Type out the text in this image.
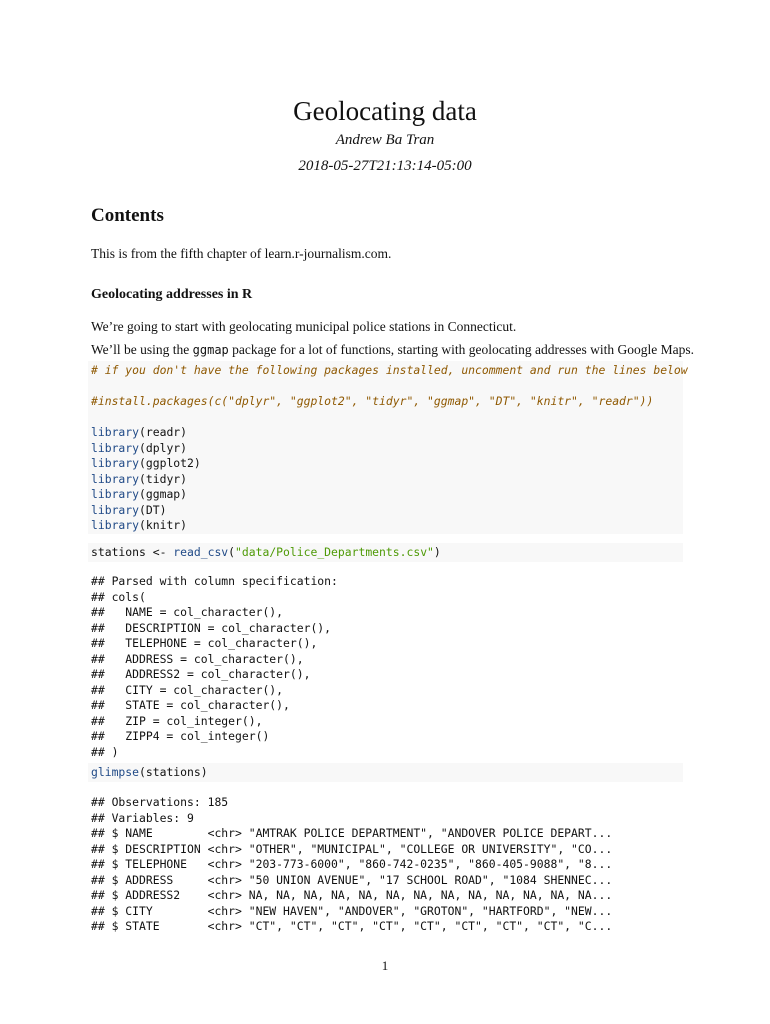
Geolocating data
Andrew Ba Tran
2018-05-27T21:13:14-05:00
Contents
This is from the fifth chapter of learn.r-journalism.com.
Geolocating addresses in R
We’re going to start with geolocating municipal police stations in Connecticut.
We’ll be using the ggmap package for a lot of functions, starting with geolocating addresses with Google Maps.
# if you don't have the following packages installed, uncomment and run the lines below
#install.packages(c("dplyr", "ggplot2", "tidyr", "ggmap", "DT", "knitr", "readr"))
library(readr)
library(dplyr)
library(ggplot2)
library(tidyr)
library(ggmap)
library(DT)
library(knitr)
stations <- read_csv("data/Police_Departments.csv")
## Parsed with column specification:
## cols(
##   NAME = col_character(),
##   DESCRIPTION = col_character(),
##   TELEPHONE = col_character(),
##   ADDRESS = col_character(),
##   ADDRESS2 = col_character(),
##   CITY = col_character(),
##   STATE = col_character(),
##   ZIP = col_integer(),
##   ZIPP4 = col_integer()
## )
glimpse(stations)
## Observations: 185
## Variables: 9
## $ NAME        <chr> "AMTRAK POLICE DEPARTMENT", "ANDOVER POLICE DEPART...
## $ DESCRIPTION <chr> "OTHER", "MUNICIPAL", "COLLEGE OR UNIVERSITY", "CO...
## $ TELEPHONE   <chr> "203-773-6000", "860-742-0235", "860-405-9088", "8...
## $ ADDRESS     <chr> "50 UNION AVENUE", "17 SCHOOL ROAD", "1084 SHENNEC...
## $ ADDRESS2    <chr> NA, NA, NA, NA, NA, NA, NA, NA, NA, NA, NA, NA, NA...
## $ CITY        <chr> "NEW HAVEN", "ANDOVER", "GROTON", "HARTFORD", "NEW...
## $ STATE       <chr> "CT", "CT", "CT", "CT", "CT", "CT", "CT", "CT", "C...
1
